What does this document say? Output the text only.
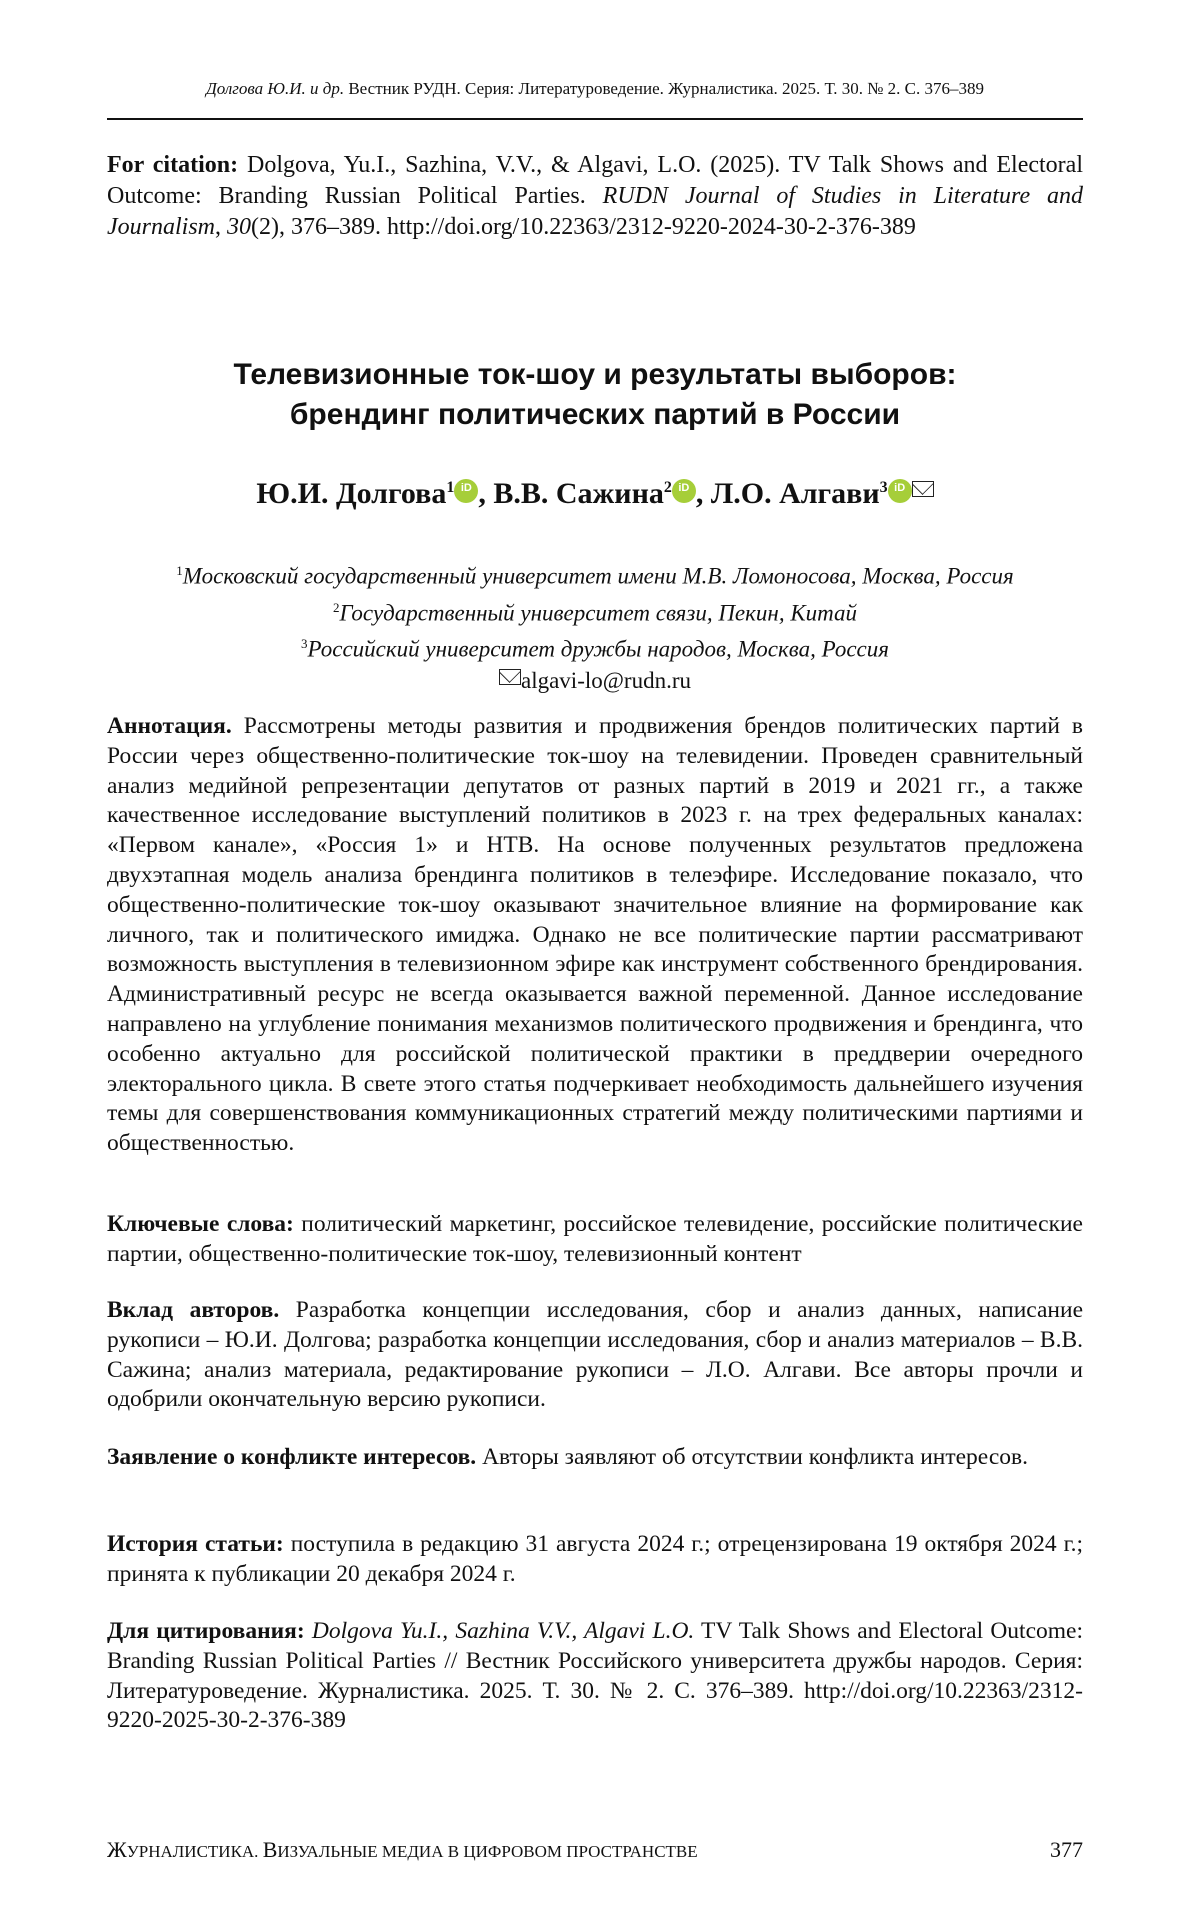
Долгова Ю.И. и др. Вестник РУДН. Серия: Литературоведение. Журналистика. 2025. Т. 30. № 2. С. 376–389
For citation: Dolgova, Yu.I., Sazhina, V.V., & Algavi, L.O. (2025). TV Talk Shows and Electoral Outcome: Branding Russian Political Parties. RUDN Journal of Studies in Literature and Journalism, 30(2), 376–389. http://doi.org/10.22363/2312-9220-2024-30-2-376-389
Телевизионные ток-шоу и результаты выборов:
брендинг политических партий в России
Ю.И. Долгова1iD , В.В. Сажина2iD , Л.О. Алгави3iD
1Московский государственный университет имени М.В. Ломоносова, Москва, Россия
2Государственный университет связи, Пекин, Китай
3Российский университет дружбы народов, Москва, Россия
algavi-lo@rudn.ru
Аннотация. Рассмотрены методы развития и продвижения брендов политических партий в России через общественно-политические ток-шоу на телевидении. Проведен сравнительный анализ медийной репрезентации депутатов от разных партий в 2019 и 2021 гг., а также качественное исследование выступлений политиков в 2023 г. на трех федеральных каналах: «Первом канале», «Россия 1» и НТВ. На основе полученных результатов предложена двухэтапная модель анализа брендинга политиков в телеэфире. Исследование показало, что общественно-политические ток-шоу оказывают значительное влияние на формирование как личного, так и политического имиджа. Однако не все политические партии рассматривают возможность выступления в телевизионном эфире как инструмент собственного брендирования. Административный ресурс не всегда оказывается важной переменной. Данное исследование направлено на углубление понимания механизмов политического продвижения и брендинга, что особенно актуально для российской политической практики в преддверии очередного электорального цикла. В свете этого статья подчеркивает необходимость дальнейшего изучения темы для совершенствования коммуникационных стратегий между политическими партиями и общественностью.
Ключевые слова: политический маркетинг, российское телевидение, российские политические партии, общественно-политические ток-шоу, телевизионный контент
Вклад авторов. Разработка концепции исследования, сбор и анализ данных, написание рукописи – Ю.И. Долгова; разработка концепции исследования, сбор и анализ материалов – В.В. Сажина; анализ материала, редактирование рукописи – Л.О. Алгави. Все авторы прочли и одобрили окончательную версию рукописи.
Заявление о конфликте интересов. Авторы заявляют об отсутствии конфликта интересов.
История статьи: поступила в редакцию 31 августа 2024 г.; отрецензирована 19 октября 2024 г.; принята к публикации 20 декабря 2024 г.
Для цитирования: Dolgova Yu.I., Sazhina V.V., Algavi L.O. TV Talk Shows and Electoral Outcome: Branding Russian Political Parties // Вестник Российского университета дружбы народов. Серия: Литературоведение. Журналистика. 2025. Т. 30. № 2. С. 376–389. http://doi.org/10.22363/2312-9220-2025-30-2-376-389
ЖУРНАЛИСТИКА. ВИЗУАЛЬНЫЕ МЕДИА В ЦИФРОВОМ ПРОСТРАНСТВЕ	377
